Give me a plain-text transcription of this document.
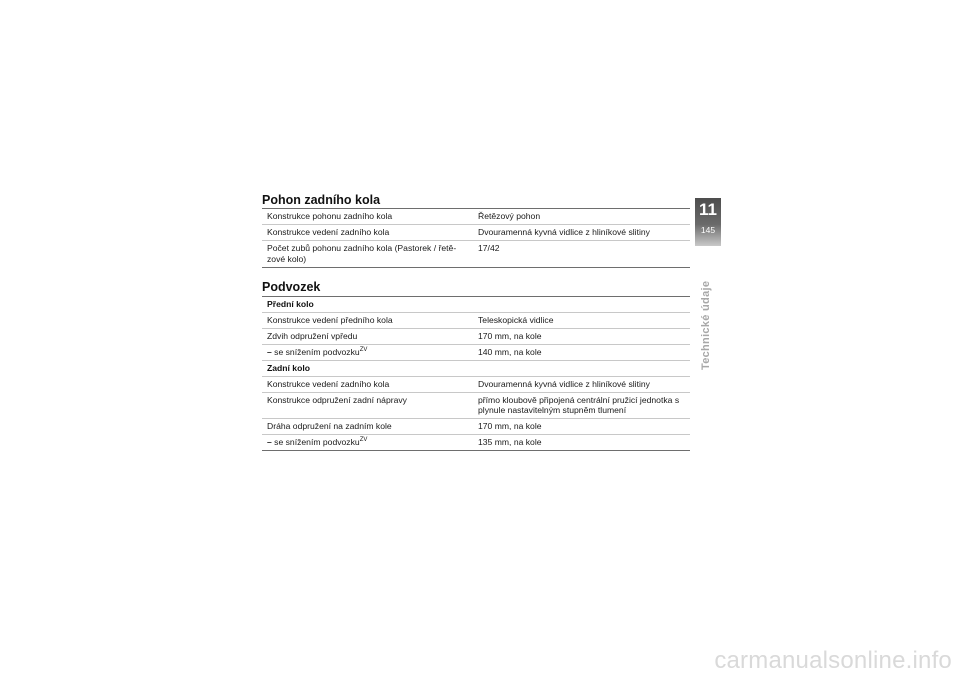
Pohon zadního kola
Konstrukce pohonu zadního kola	Řetězový pohon
Konstrukce vedení zadního kola	Dvouramenná kyvná vidlice z hliníkové slitiny
Počet zubů pohonu zadního kola (Pastorek / řetě-zové kolo)	17/42
Podvozek
Přední kolo	
Konstrukce vedení předního kola	Teleskopická vidlice
Zdvih odpružení vpředu	170 mm, na kole
– se snížením podvozku$^{ZV}$	140 mm, na kole
Zadní kolo	
Konstrukce vedení zadního kola	Dvouramenná kyvná vidlice z hliníkové slitiny
Konstrukce odpružení zadní nápravy	přímo kloubově připojená centrální pružicí jednotka s plynule nastavitelným stupněm tlumení
Dráha odpružení na zadním kole	170 mm, na kole
– se snížením podvozku$^{ZV}$	135 mm, na kole
11
145
Technické údaje
carmanualsonline.info
